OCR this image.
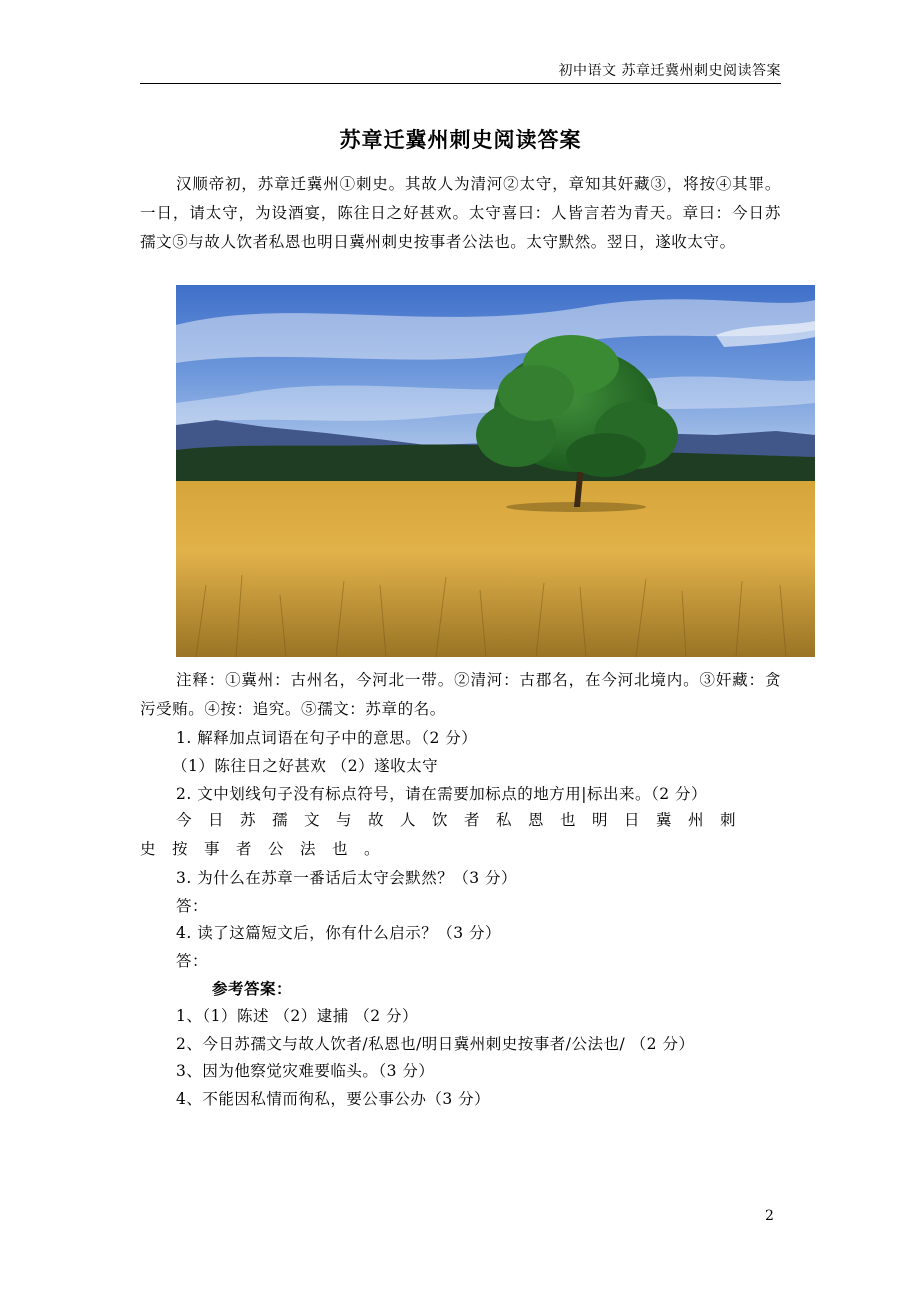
初中语文 苏章迁冀州刺史阅读答案
苏章迁冀州刺史阅读答案

汉顺帝初，苏章迁冀州①刺史。其故人为清河②太守，章知其奸藏③，将按④其罪。一日，请太守，为设酒宴，陈往日之好甚欢。太守喜曰：人皆言若为青天。章曰：今日苏孺文⑤与故人饮者私恩也明日冀州刺史按事者公法也。太守默然。翌日，遂收太守。

注释：①冀州：古州名，今河北一带。②清河：古郡名，在今河北境内。③奸藏：贪污受贿。④按：追究。⑤孺文：苏章的名。

1. 解释加点词语在句子中的意思。（2 分）
（1）陈往日之好甚欢 （2）遂收太守
2. 文中划线句子没有标点符号，请在需要加标点的地方用|标出来。（2 分）

今日苏孺文与故人饮者私恩也明日冀州刺史按事者公法也。

3. 为什么在苏章一番话后太守会默然？（3 分）
答：
4. 读了这篇短文后，你有什么启示？（3 分）
答：
参考答案：
1、（1）陈述 （2）逮捕 （2 分）
2、今日苏孺文与故人饮者/私恩也/明日冀州刺史按事者/公法也/ （2 分）
3、因为他察觉灾难要临头。（3 分）
4、不能因私情而徇私，要公事公办（3 分）
2
